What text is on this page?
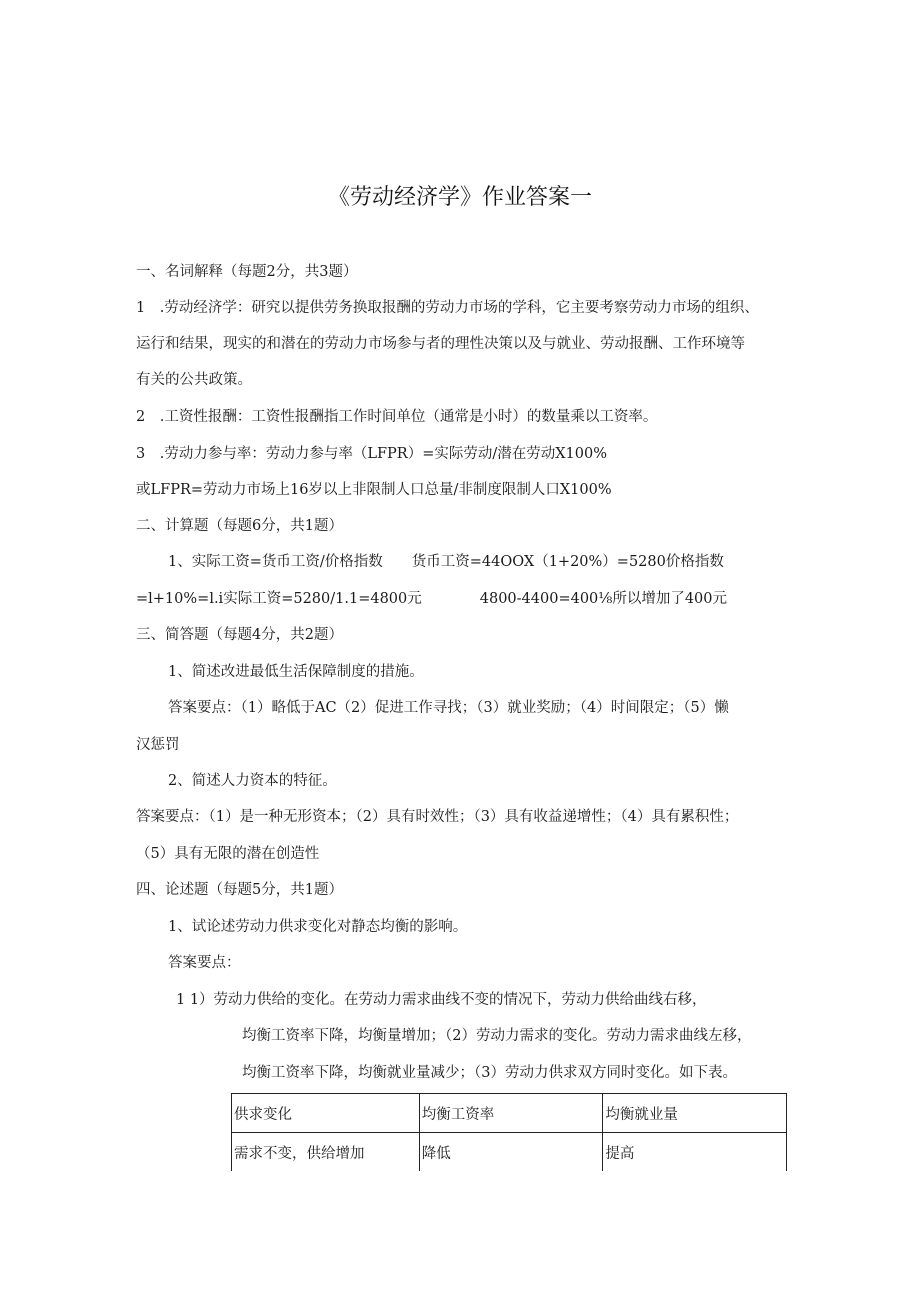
《劳动经济学》作业答案一
一、名词解释（每题2分，共3题）
1　.劳动经济学：研究以提供劳务换取报酬的劳动力市场的学科，它主要考察劳动力市场的组织、
运行和结果，现实的和潜在的劳动力市场参与者的理性决策以及与就业、劳动报酬、工作环境等
有关的公共政策。
2　.工资性报酬：工资性报酬指工作时间单位（通常是小时）的数量乘以工资率。
3　.劳动力参与率：劳动力参与率（LFPR）=实际劳动/潜在劳动X100%
或LFPR=劳动力市场上16岁以上非限制人口总量/非制度限制人口X100%
二、计算题（每题6分，共1题）
1、实际工资=货币工资/价格指数　　货币工资=44OOX（1+20%）=5280价格指数
=l+10%=l.i实际工资=5280/1.1=4800元　　　　4800-4400=400⅛所以增加了400元
三、简答题（每题4分，共2题）
1、简述改进最低生活保障制度的措施。
答案要点：（1）略低于AC（2）促进工作寻找；（3）就业奖励；（4）时间限定；（5）懒
汉惩罚
2、简述人力资本的特征。
答案要点：（1）是一种无形资本；（2）具有时效性；（3）具有收益递增性；（4）具有累积性；
（5）具有无限的潜在创造性
四、论述题（每题5分，共1题）
1、试论述劳动力供求变化对静态均衡的影响。
答案要点：
1 1）劳动力供给的变化。在劳动力需求曲线不变的情况下，劳动力供给曲线右移，
均衡工资率下降，均衡量增加；（2）劳动力需求的变化。劳动力需求曲线左移，
均衡工资率下降，均衡就业量减少；（3）劳动力供求双方同时变化。如下表。
供求变化	均衡工资率	均衡就业量
需求不变，供给增加	降低	提高
